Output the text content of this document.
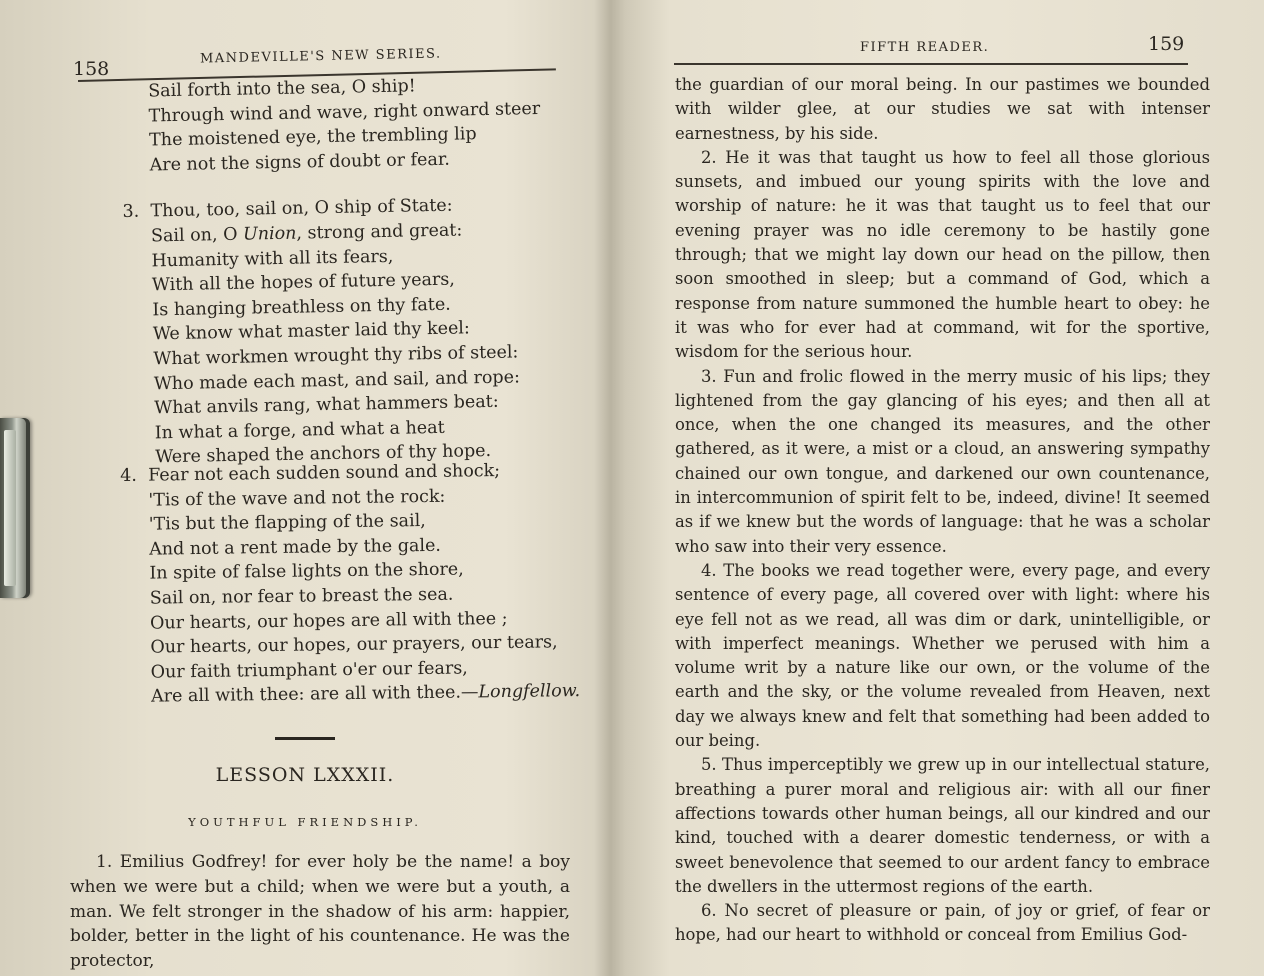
158
MANDEVILLE'S NEW SERIES.
Sail forth into the sea, O ship!
Through wind and wave, right onward steer
The moistened eye, the trembling lip
Are not the signs of doubt or fear.
3. Thou, too, sail on, O ship of State:
Sail on, O Union, strong and great:
Humanity with all its fears,
With all the hopes of future years,
Is hanging breathless on thy fate.
We know what master laid thy keel:
What workmen wrought thy ribs of steel:
Who made each mast, and sail, and rope:
What anvils rang, what hammers beat:
In what a forge, and what a heat
Were shaped the anchors of thy hope.
4. Fear not each sudden sound and shock;
'Tis of the wave and not the rock:
'Tis but the flapping of the sail,
And not a rent made by the gale.
In spite of false lights on the shore,
Sail on, nor fear to breast the sea.
Our hearts, our hopes are all with thee ;
Our hearts, our hopes, our prayers, our tears,
Our faith triumphant o'er our fears,
Are all with thee: are all with thee.—Longfellow.
LESSON LXXXII.
YOUTHFUL FRIENDSHIP.

1. Emilius Godfrey! for ever holy be the name! a boy when we were but a child; when we were but a youth, a man. We felt stronger in the shadow of his arm: happier, bolder, better in the light of his countenance. He was the protector,

FIFTH READER.	159

the guardian of our moral being. In our pastimes we bounded with wilder glee, at our studies we sat with intenser earnestness, by his side.

2. He it was that taught us how to feel all those glorious sunsets, and imbued our young spirits with the love and worship of nature: he it was that taught us to feel that our evening prayer was no idle ceremony to be hastily gone through; that we might lay down our head on the pillow, then soon smoothed in sleep; but a command of God, which a response from nature summoned the humble heart to obey: he it was who for ever had at command, wit for the sportive, wisdom for the serious hour.

3. Fun and frolic flowed in the merry music of his lips; they lightened from the gay glancing of his eyes; and then all at once, when the one changed its measures, and the other gathered, as it were, a mist or a cloud, an answering sympathy chained our own tongue, and darkened our own countenance, in intercommunion of spirit felt to be, indeed, divine! It seemed as if we knew but the words of language: that he was a scholar who saw into their very essence.

4. The books we read together were, every page, and every sentence of every page, all covered over with light: where his eye fell not as we read, all was dim or dark, unintelligible, or with imperfect meanings. Whether we perused with him a volume writ by a nature like our own, or the volume of the earth and the sky, or the volume revealed from Heaven, next day we always knew and felt that something had been added to our being.

5. Thus imperceptibly we grew up in our intellectual stature, breathing a purer moral and religious air: with all our finer affections towards other human beings, all our kindred and our kind, touched with a dearer domestic tenderness, or with a sweet benevolence that seemed to our ardent fancy to embrace the dwellers in the uttermost regions of the earth.

6. No secret of pleasure or pain, of joy or grief, of fear or hope, had our heart to withhold or conceal from Emilius God-
